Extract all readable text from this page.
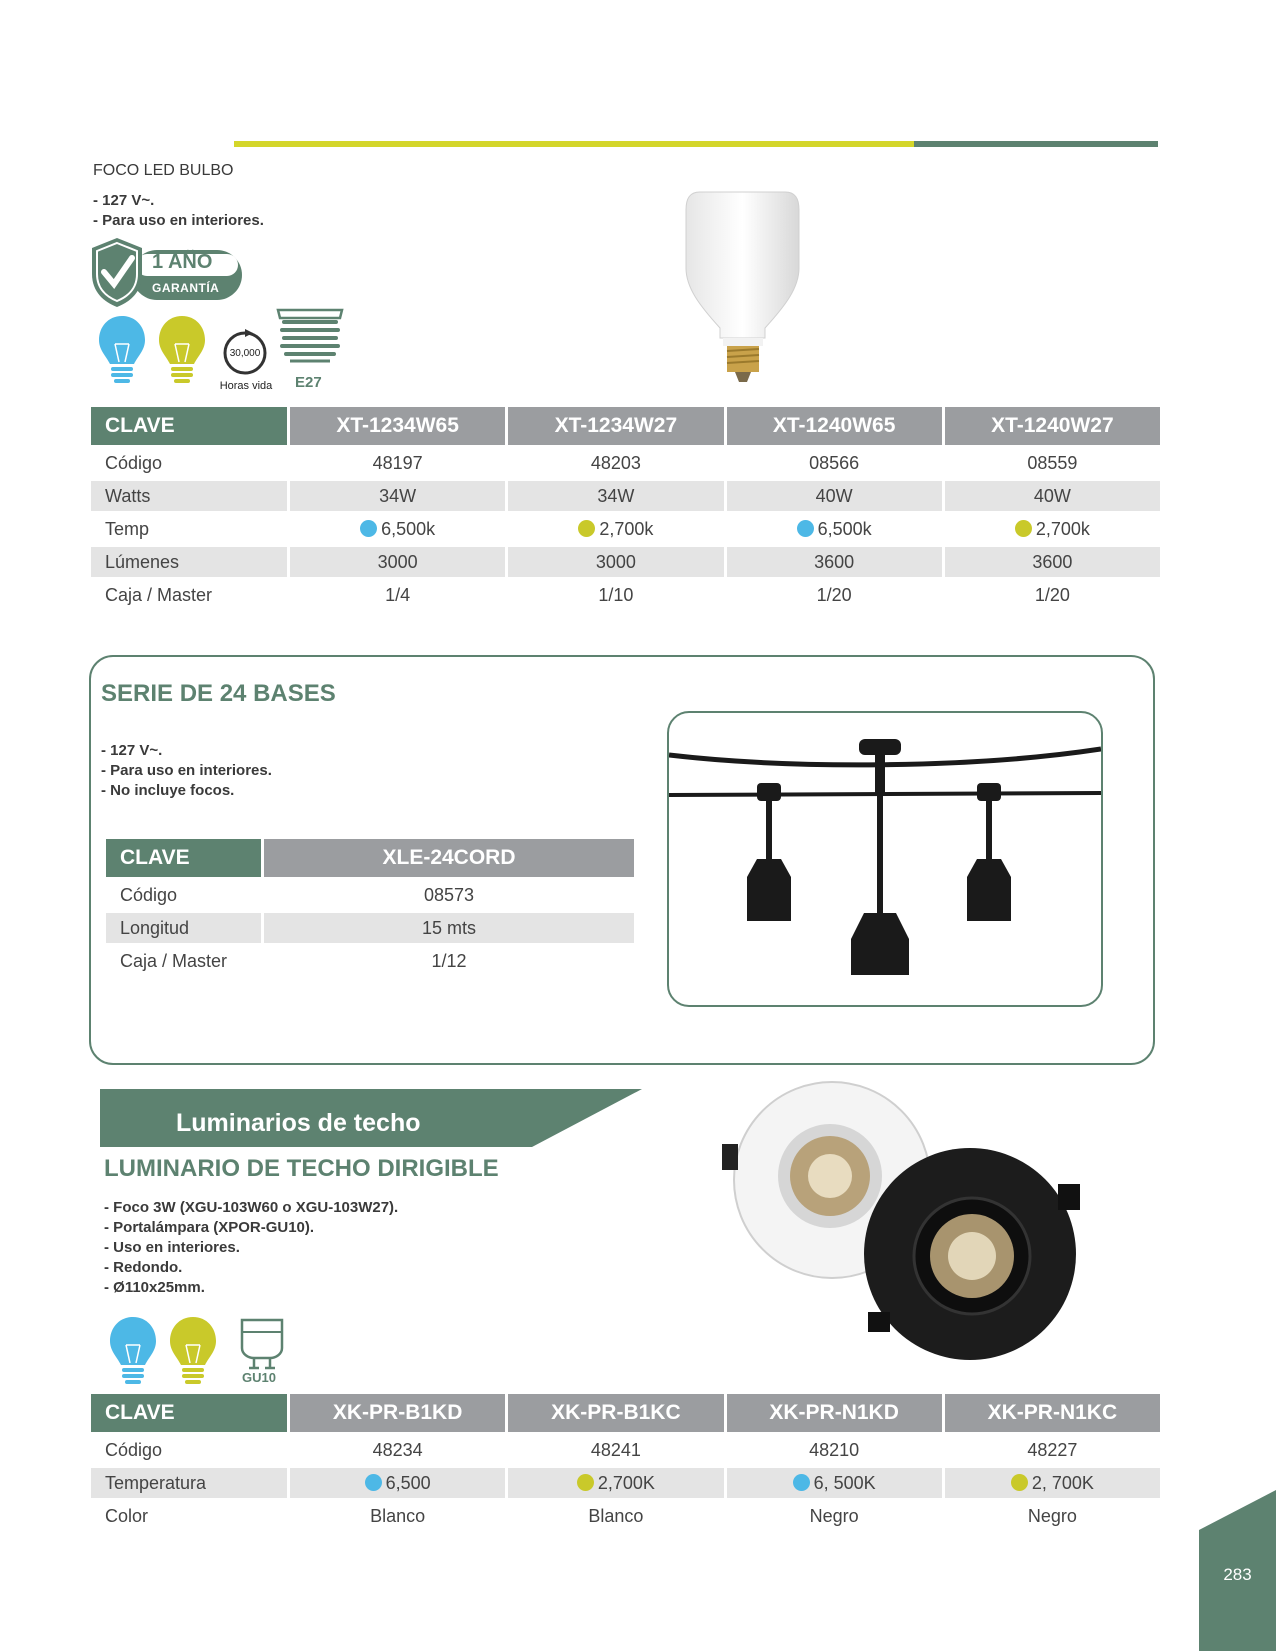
FOCO LED BULBO
- 127 V~.
- Para uso en interiores.
1 AÑO
GARANTÍA
30,000
Horas vida	E27
CLAVE	XT-1234W65	XT-1234W27	XT-1240W65	XT-1240W27
Código	48197	48203	08566	08559
Watts	34W	34W	40W	40W
Temp	6,500k	2,700k	6,500k	2,700k
Lúmenes	3000	3000	3600	3600
Caja / Master	1/4	1/10	1/20	1/20
SERIE DE 24 BASES
- 127 V~.
- Para uso en interiores.
- No incluye focos.
CLAVE	XLE-24CORD
Código	08573
Longitud	15 mts
Caja / Master	1/12
Luminarios de techo
LUMINARIO DE TECHO DIRIGIBLE
- Foco 3W (XGU-103W60 o XGU-103W27).
- Portalámpara (XPOR-GU10).
- Uso en interiores.
- Redondo.
- Ø110x25mm.
GU10
CLAVE	XK-PR-B1KD	XK-PR-B1KC	XK-PR-N1KD	XK-PR-N1KC
Código	48234	48241	48210	48227
Temperatura	6,500	2,700K	6, 500K	2, 700K
Color	Blanco	Blanco	Negro	Negro
283
